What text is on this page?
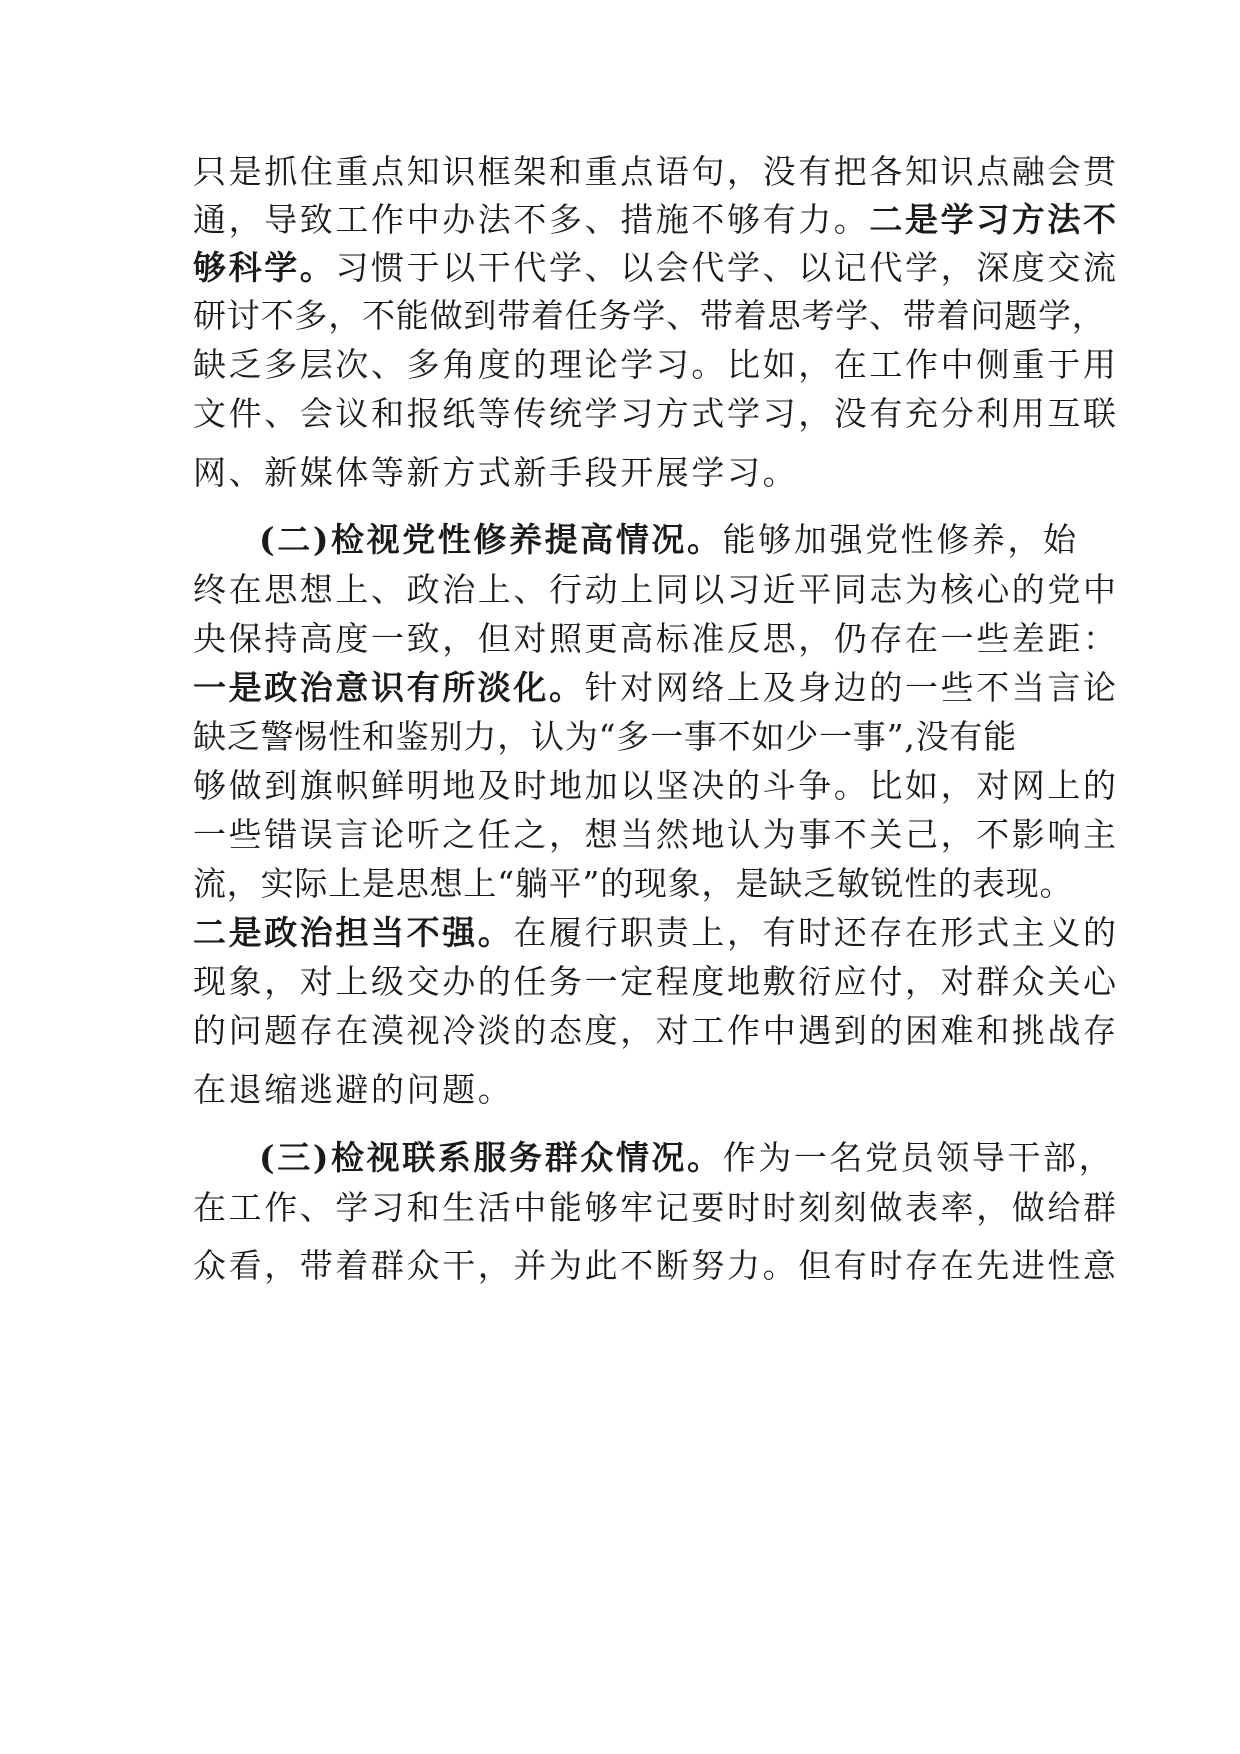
只是抓住重点知识框架和重点语句，没有把各知识点融会贯
通，导致工作中办法不多、措施不够有力。二是学习方法不
够科学。习惯于以干代学、以会代学、以记代学，深度交流
研讨不多，不能做到带着任务学、带着思考学、带着问题学，
缺乏多层次、多角度的理论学习。比如，在工作中侧重于用
文件、会议和报纸等传统学习方式学习，没有充分利用互联
网、新媒体等新方式新手段开展学习。
(二)检视党性修养提高情况。能够加强党性修养，始
终在思想上、政治上、行动上同以习近平同志为核心的党中
央保持高度一致，但对照更高标准反思，仍存在一些差距：
一是政治意识有所淡化。针对网络上及身边的一些不当言论
缺乏警惕性和鉴别力，认为“多一事不如少一事”,没有能
够做到旗帜鲜明地及时地加以坚决的斗争。比如，对网上的
一些错误言论听之任之，想当然地认为事不关己，不影响主
流，实际上是思想上“躺平”的现象，是缺乏敏锐性的表现。
二是政治担当不强。在履行职责上，有时还存在形式主义的
现象，对上级交办的任务一定程度地敷衍应付，对群众关心
的问题存在漠视冷淡的态度，对工作中遇到的困难和挑战存
在退缩逃避的问题。
(三)检视联系服务群众情况。作为一名党员领导干部，
在工作、学习和生活中能够牢记要时时刻刻做表率，做给群
众看，带着群众干，并为此不断努力。但有时存在先进性意
